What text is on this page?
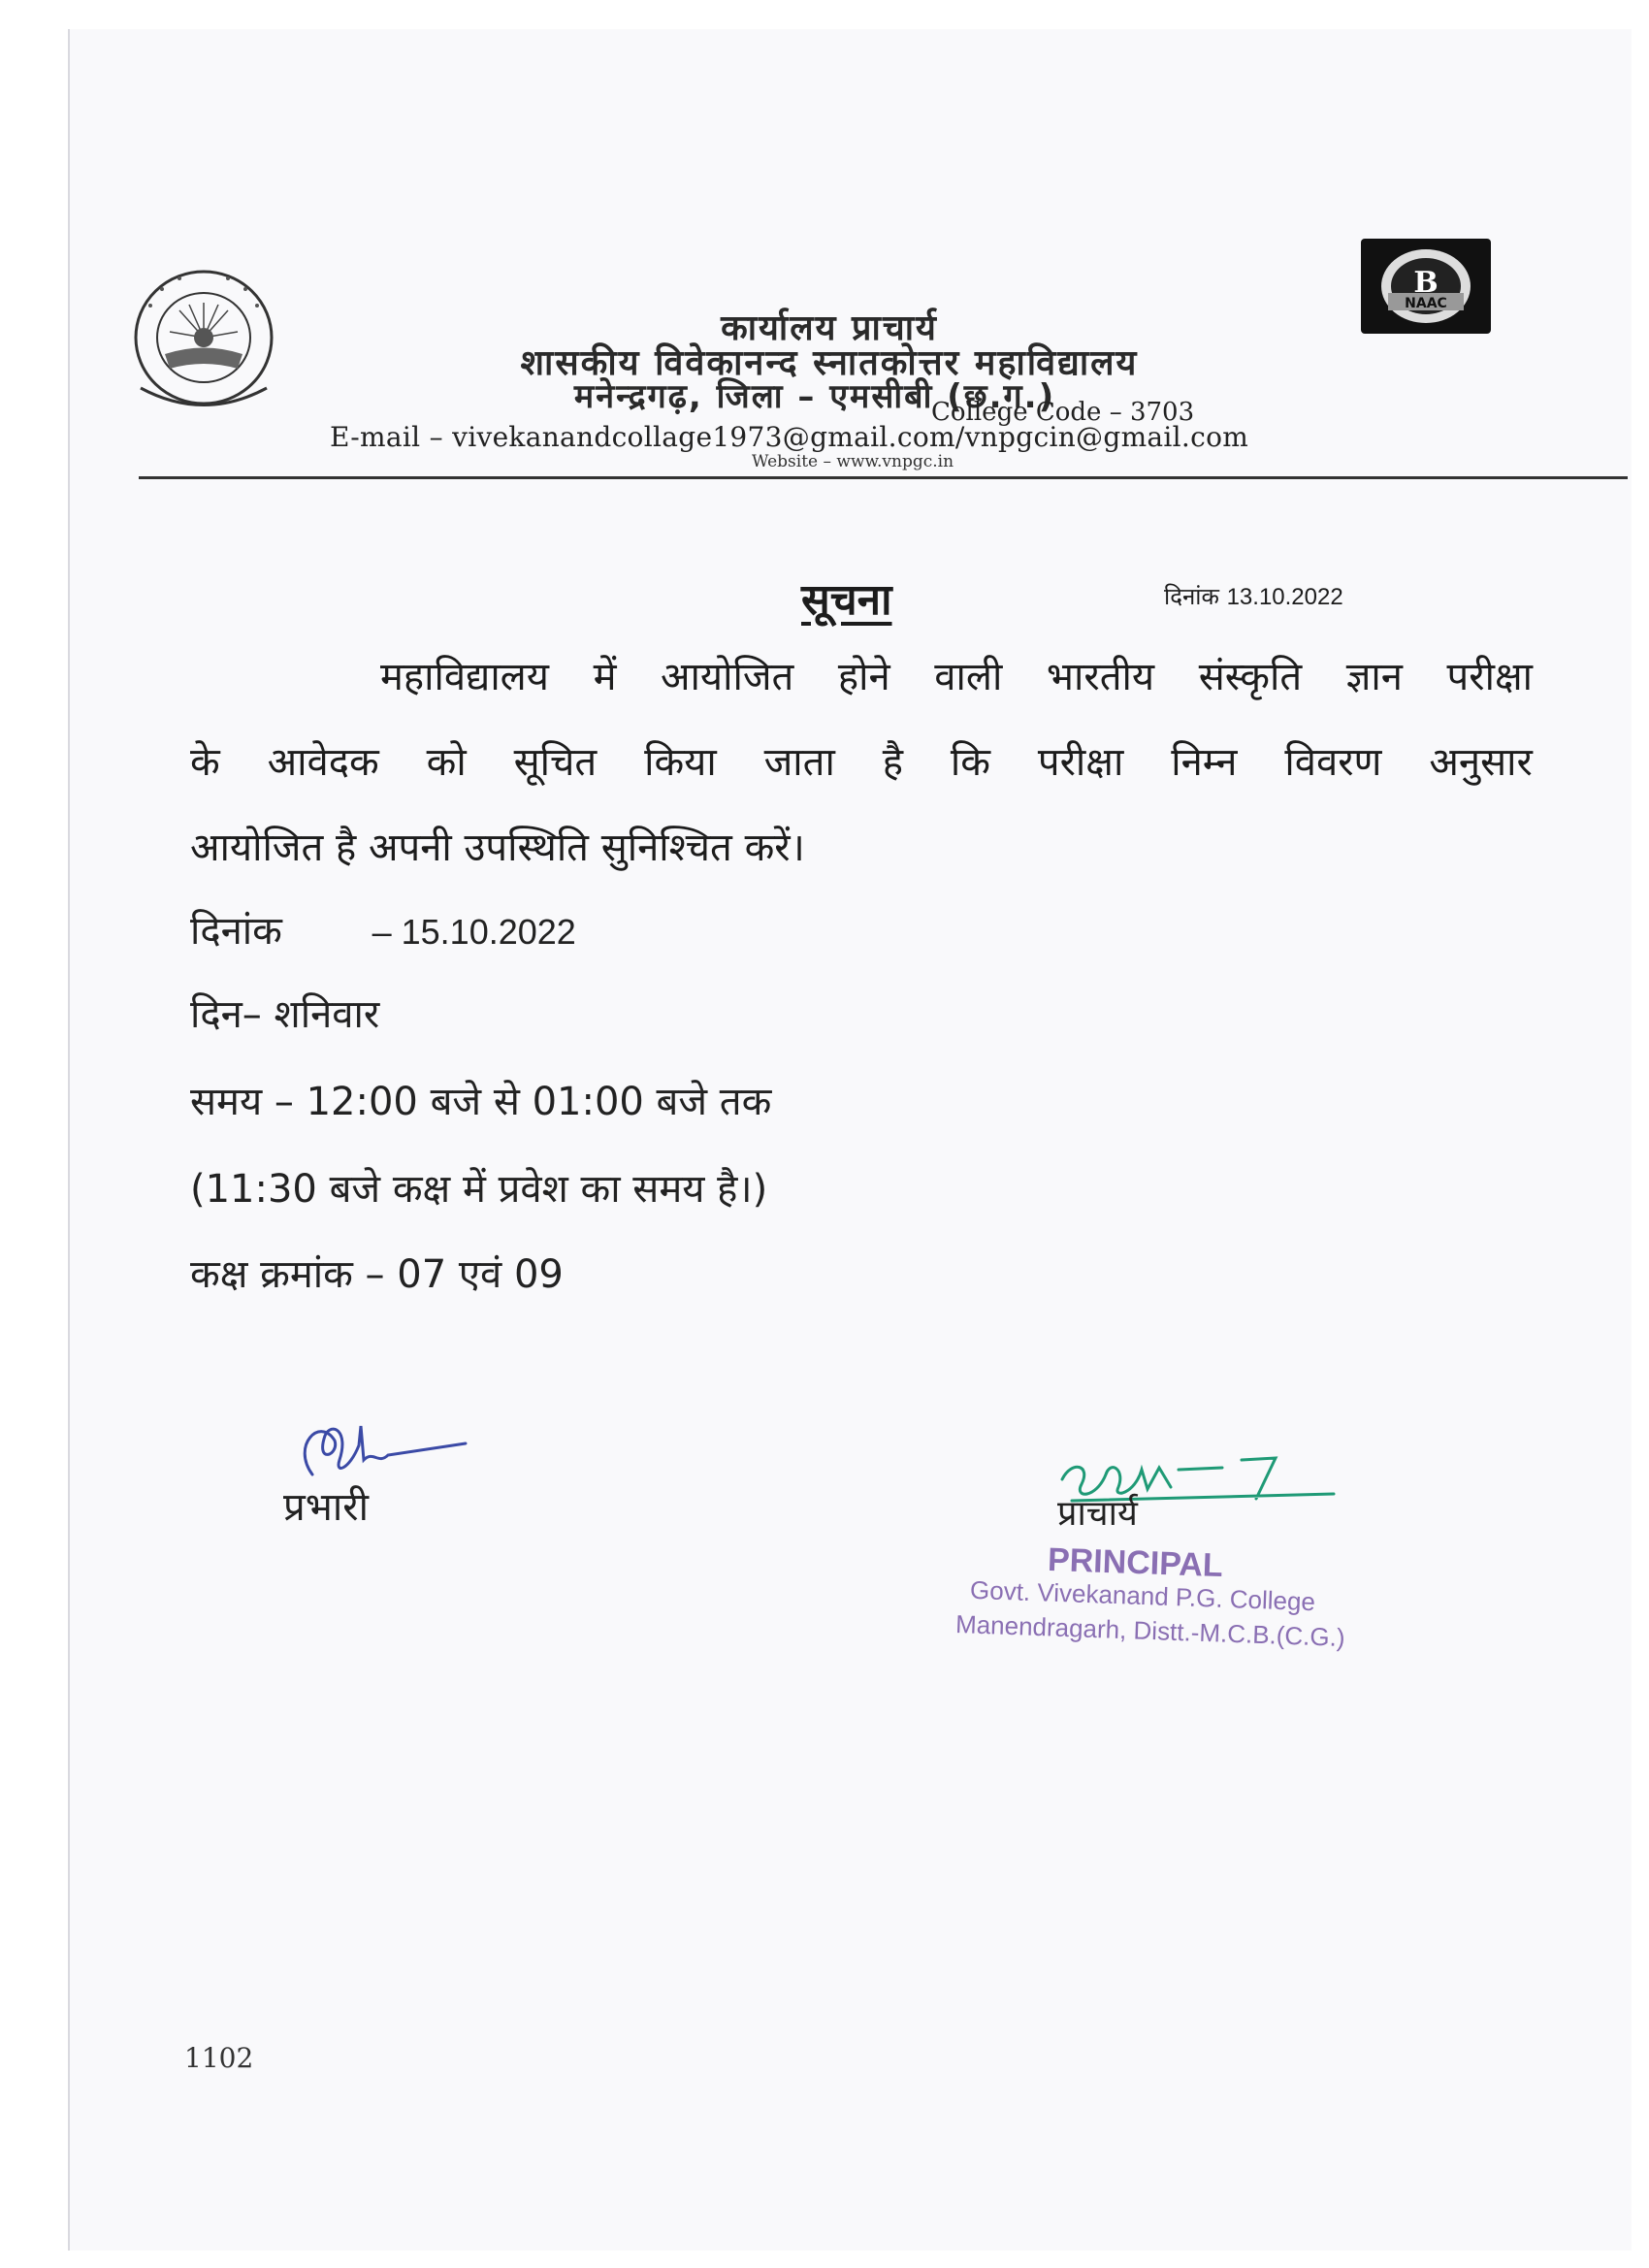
B
NAAC
कार्यालय प्राचार्य
शासकीय विवेकानन्द स्नातकोत्तर महाविद्यालय
मनेन्द्रगढ़, जिला – एमसीबी (छ.ग.)
College Code – 3703
E-mail – vivekanandcollage1973@gmail.com/vnpgcin@gmail.com
Website – www.vnpgc.in
सूचना	दिनांक 13.10.2022
महाविद्यालय में आयोजित होने वाली भारतीय संस्कृति ज्ञान परीक्षा
के आवेदक को सूचित किया जाता है कि परीक्षा निम्न विवरण अनुसार
आयोजित है अपनी उपस्थिति सुनिश्चित करें।
दिनांक	– 15.10.2022
दिन– शनिवार
समय – 12:00 बजे से 01:00 बजे तक
(11:30 बजे कक्ष में प्रवेश का समय है।)
कक्ष क्रमांक – 07 एवं 09
प्रभारी	प्राचार्य
PRINCIPAL
Govt. Vivekanand P.G. College
Manendragarh, Distt.-M.C.B.(C.G.)
1102
